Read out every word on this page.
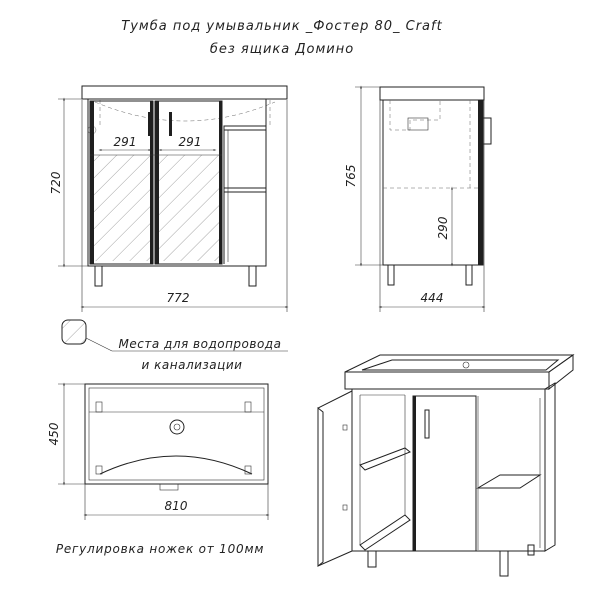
Тумба под умывальник _Фостер 80_ Craft
без ящика Домино
291	291
720
772
765
290
444
Места для водопровода
и канализации
450
810
Регулировка ножек от 100мм
